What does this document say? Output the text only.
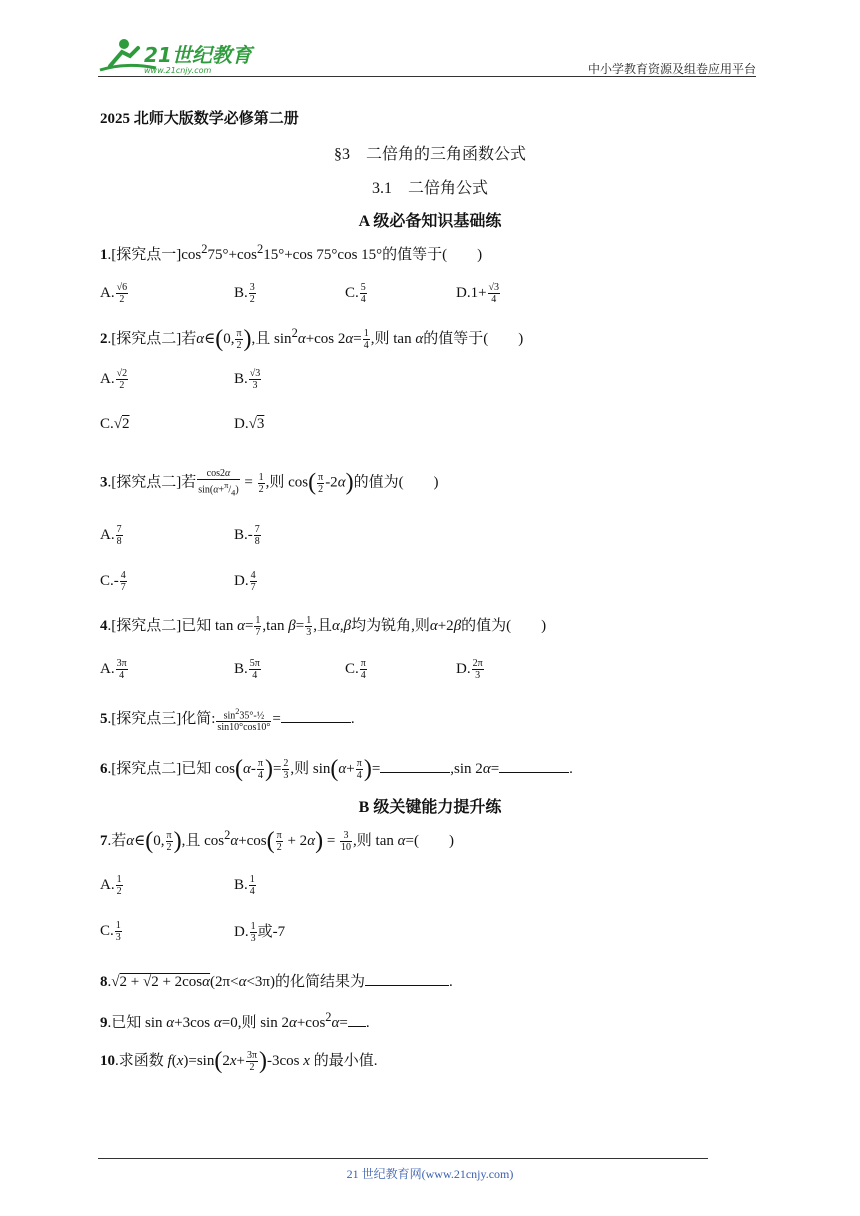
21世纪教育
www.21cnjy.com	中小学教育资源及组卷应用平台
2025 北师大版数学必修第二册
§3　二倍角的三角函数公式
3.1　二倍角公式
A 级必备知识基础练
1.[探究点一]$\cos^275^\circ+\cos^215^\circ+\cos$ 75°cos 15°的值等于(　　)
A. $\frac{√6}{2}$	B. $\frac{3}{2}$	C. $\frac{5}{4}$	$D.1+ \frac{√3}{4}$
2.[探究点二]若α∈(0, $\frac{\pi}{2}$ ),且 $\sin^2\alpha+\cos$ $2\alpha= \frac{1}{4}$ ,则 tan α的值等于(　　)
A. $\frac{√2}{2}$	B. $\frac{√3}{3}$
C.√2	D.√3
3.[探究点二]若 $\frac{\cos 2\alpha}{\sin(\alpha+^\pi/_4)} = \frac{1}{2}$ ,则 $\cos( \frac{\pi}{2} -2\alpha)$的值为(　　)
A. $\frac{7}{8}$	$B.- \frac{7}{8}$
$C.- \frac{4}{7}$	D. $\frac{4}{7}$
4.[探究点二]已知 $\tan \alpha= \frac{1}{7} ,\tan$ $\beta= \frac{1}{3}$ ,且α,β均为锐角,则α+2β的值为(　　)
A. $\frac{3\pi}{4}$	B. $\frac{5\pi}{4}$	C. $\frac{\pi}{4}$	D. $\frac{2\pi}{3}$
5.[探究点三]化简: $\frac{\sin^235^\circ-\frac{1}{2}}{\sin 10^\circ\cos 10^\circ}$ =	.
6.[探究点二]已知 $\cos(\alpha- \frac{\pi}{4}$ )= $\frac{2}{3}$ ,则 $\sin(\alpha+ \frac{\pi}{4}$ )=	,sin 2α=	.
B 级关键能力提升练
7.若α∈(0, $\frac{\pi}{2}$ ),且 $\cos^2\alpha+\cos( \frac{\pi}{2} + 2\alpha) = \frac{3}{10}$ ,则 tan α=(　　)
A. $\frac{1}{2}$	B. $\frac{1}{4}$
C. $\frac{1}{3}$	D. $\frac{1}{3}$ 或-7
8.√2 + √2 + 2cosα(2π<α<3π)的化简结果为	.
9.已知 sin α+3cos α=0,则 $\sin 2\alpha+\cos^2\alpha=$ .
10.求函数 $f(x)=\sin(2x+ \frac{3\pi}{2} )-3\cos$ x 的最小值.
21 世纪教育网(www.21cnjy.com)
